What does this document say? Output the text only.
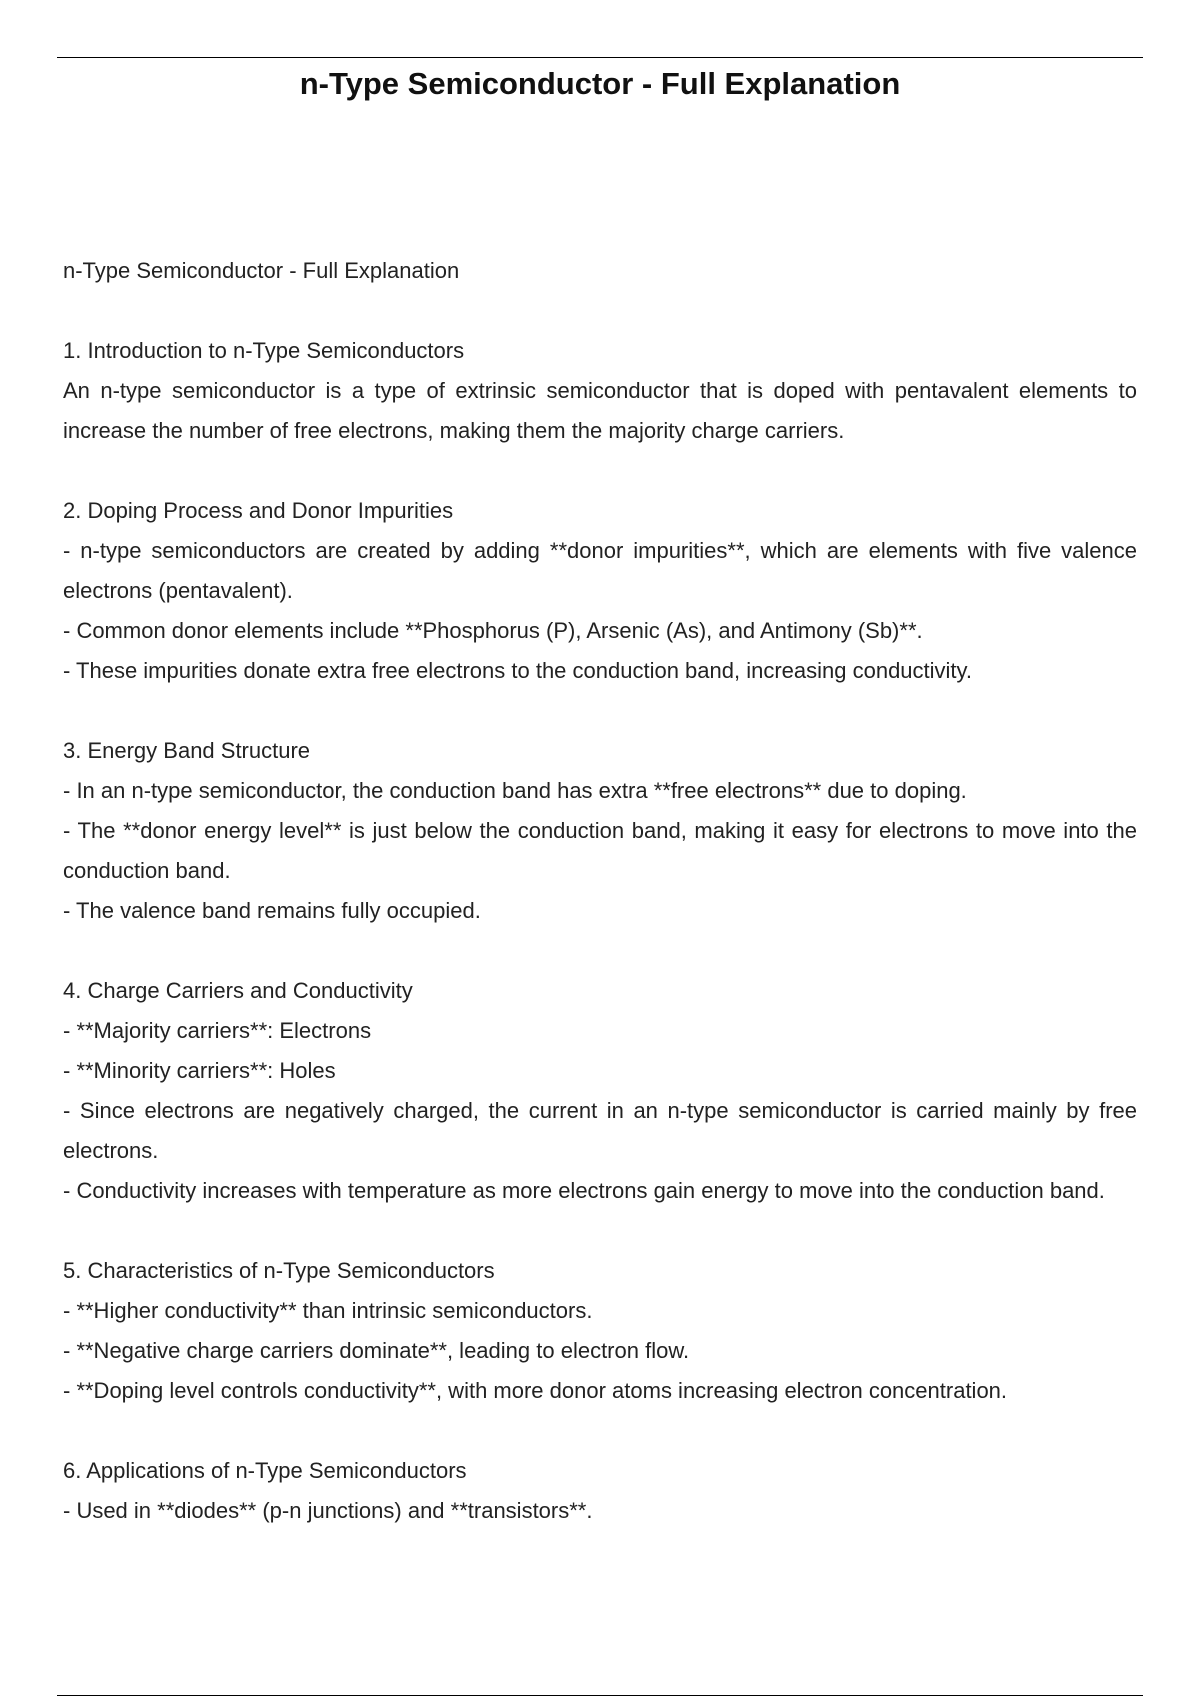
n-Type Semiconductor - Full Explanation

n-Type Semiconductor - Full Explanation

1. Introduction to n-Type Semiconductors

An n-type semiconductor is a type of extrinsic semiconductor that is doped with pentavalent elements to increase the number of free electrons, making them the majority charge carriers.

2. Doping Process and Donor Impurities
- n-type semiconductors are created by adding **donor impurities**, which are elements with five valence electrons (pentavalent).
- Common donor elements include **Phosphorus (P), Arsenic (As), and Antimony (Sb)**.
- These impurities donate extra free electrons to the conduction band, increasing conductivity.
3. Energy Band Structure
- In an n-type semiconductor, the conduction band has extra **free electrons** due to doping.
- The **donor energy level** is just below the conduction band, making it easy for electrons to move into the conduction band.
- The valence band remains fully occupied.
4. Charge Carriers and Conductivity
- **Majority carriers**: Electrons
- **Minority carriers**: Holes
- Since electrons are negatively charged, the current in an n-type semiconductor is carried mainly by free electrons.
- Conductivity increases with temperature as more electrons gain energy to move into the conduction band.
5. Characteristics of n-Type Semiconductors
- **Higher conductivity** than intrinsic semiconductors.
- **Negative charge carriers dominate**, leading to electron flow.
- **Doping level controls conductivity**, with more donor atoms increasing electron concentration.
6. Applications of n-Type Semiconductors
- Used in **diodes** (p-n junctions) and **transistors**.
